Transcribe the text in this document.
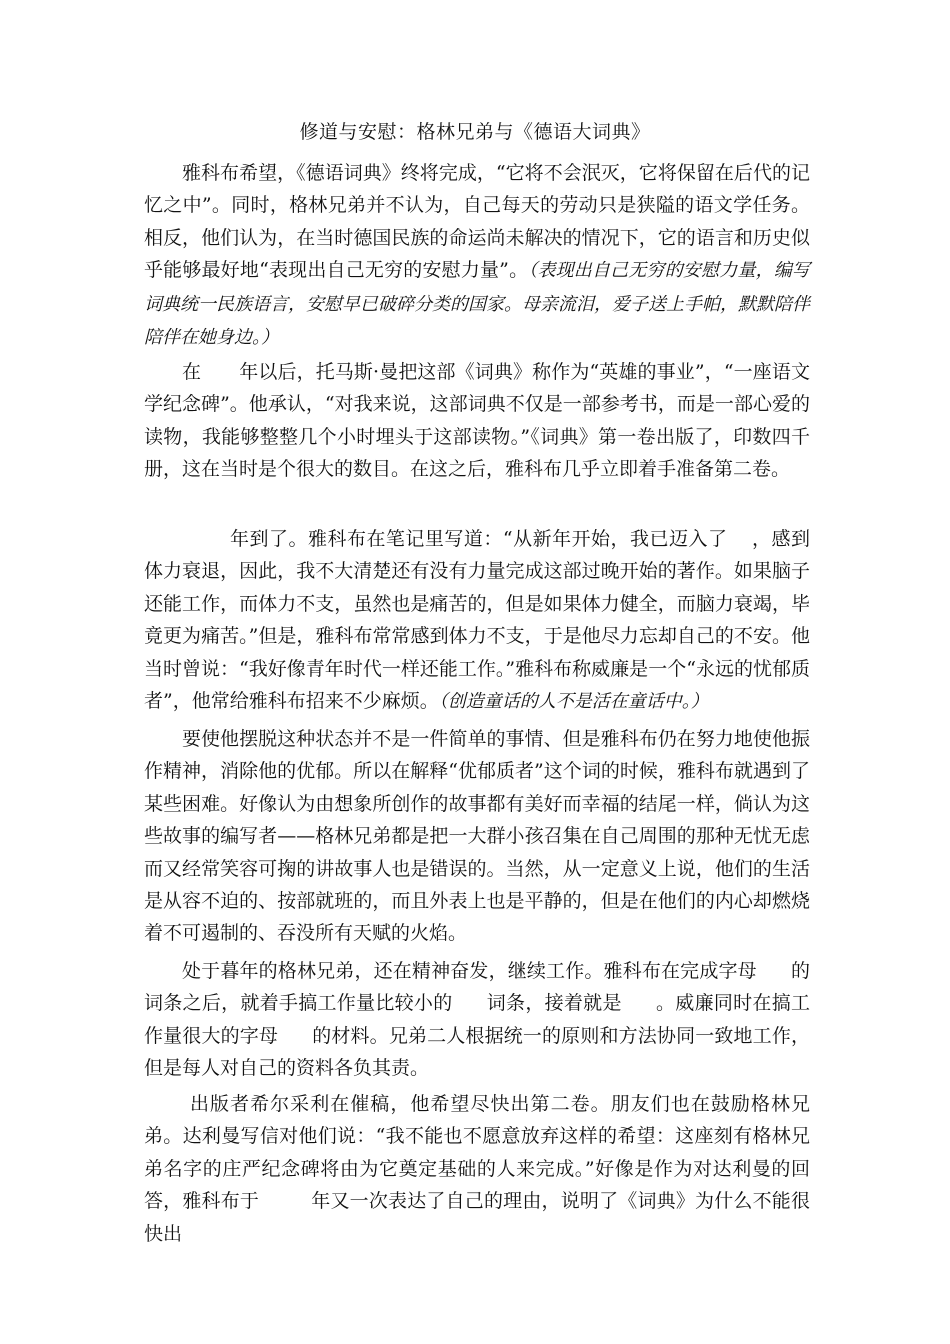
修道与安慰：格林兄弟与《德语大词典》

雅科布希望，《德语词典》终将完成，“它将不会泯灭，它将保留在后代的记忆之中”。同时，格林兄弟并不认为，自己每天的劳动只是狭隘的语文学任务。相反，他们认为，在当时德国民族的命运尚未解决的情况下，它的语言和历史似乎能够最好地“表现出自己无穷的安慰力量”。（表现出自己无穷的安慰力量，编写词典统一民族语言，安慰早已破碎分类的国家。母亲流泪，爱子送上手帕，默默陪伴陪伴在她身边。）

在 年以后，托马斯·曼把这部《词典》称作为“英雄的事业”，“一座语文学纪念碑”。他承认，“对我来说，这部词典不仅是一部参考书，而是一部心爱的读物，我能够整整几个小时埋头于这部读物。”《词典》第一卷出版了，印数四千册，这在当时是个很大的数目。在这之后，雅科布几乎立即着手准备第二卷。

年到了。雅科布在笔记里写道：“从新年开始，我已迈入了 ，感到体力衰退，因此，我不大清楚还有没有力量完成这部过晚开始的著作。如果脑子还能工作，而体力不支，虽然也是痛苦的，但是如果体力健全，而脑力衰竭，毕竟更为痛苦。”但是，雅科布常常感到体力不支，于是他尽力忘却自己的不安。他当时曾说：“我好像青年时代一样还能工作。”雅科布称威廉是一个“永远的忧郁质者”，他常给雅科布招来不少麻烦。（创造童话的人不是活在童话中。）

要使他摆脱这种状态并不是一件简单的事情、但是雅科布仍在努力地使他振作精神，消除他的优郁。所以在解释“优郁质者”这个词的时候，雅科布就遇到了某些困难。好像认为由想象所创作的故事都有美好而幸福的结尾一样，倘认为这些故事的编写者——格林兄弟都是把一大群小孩召集在自己周围的那种无忧无虑而又经常笑容可掬的讲故事人也是错误的。当然，从一定意义上说，他们的生活是从容不迫的、按部就班的，而且外表上也是平静的，但是在他们的内心却燃烧着不可遏制的、吞没所有天赋的火焰。

处于暮年的格林兄弟，还在精神奋发，继续工作。雅科布在完成字母 的词条之后，就着手搞工作量比较小的 词条，接着就是 。威廉同时在搞工作量很大的字母 的材料。兄弟二人根据统一的原则和方法协同一致地工作，但是每人对自己的资料各负其责。

出版者希尔采利在催稿，他希望尽快出第二卷。朋友们也在鼓励格林兄弟。达利曼写信对他们说：“我不能也不愿意放弃这样的希望：这座刻有格林兄弟名字的庄严纪念碑将由为它奠定基础的人来完成。”好像是作为对达利曼的回答，雅科布于	年又一次表达了自己的理由，说明了《词典》为什么不能很快出
